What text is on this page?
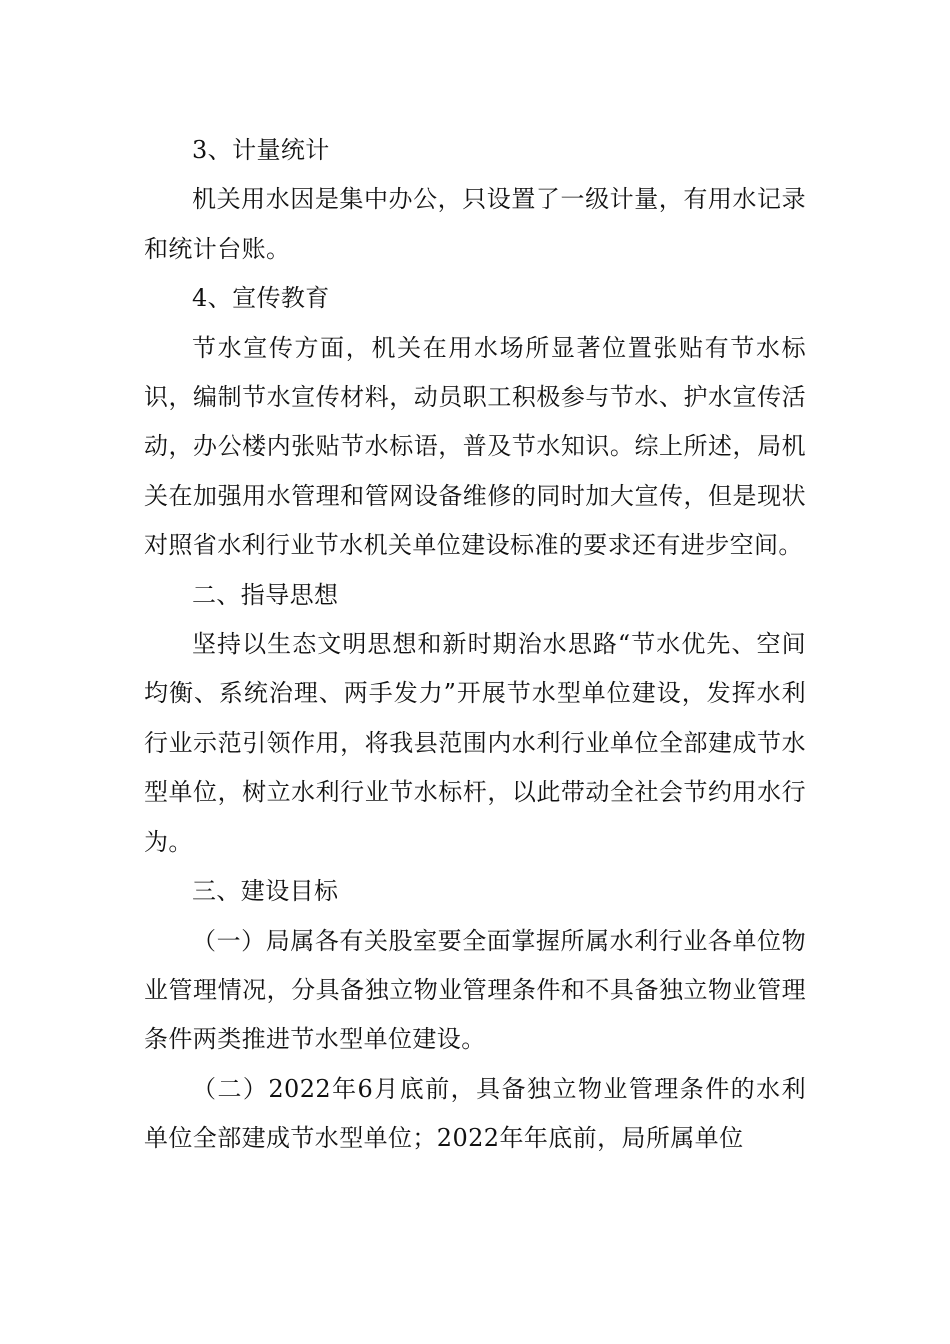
3、计量统计

机关用水因是集中办公，只设置了一级计量，有用水记录和统计台账。

4、宣传教育

节水宣传方面，机关在用水场所显著位置张贴有节水标识，编制节水宣传材料，动员职工积极参与节水、护水宣传活动，办公楼内张贴节水标语，普及节水知识。综上所述，局机关在加强用水管理和管网设备维修的同时加大宣传，但是现状对照省水利行业节水机关单位建设标准的要求还有进步空间。

二、指导思想

坚持以生态文明思想和新时期治水思路“节水优先、空间均衡、系统治理、两手发力”开展节水型单位建设，发挥水利行业示范引领作用，将我县范围内水利行业单位全部建成节水型单位，树立水利行业节水标杆，以此带动全社会节约用水行为。

三、建设目标

（一）局属各有关股室要全面掌握所属水利行业各单位物业管理情况，分具备独立物业管理条件和不具备独立物业管理条件两类推进节水型单位建设。

（二）2022年6月底前，具备独立物业管理条件的水利单位全部建成节水型单位；2022年年底前，局所属单位
